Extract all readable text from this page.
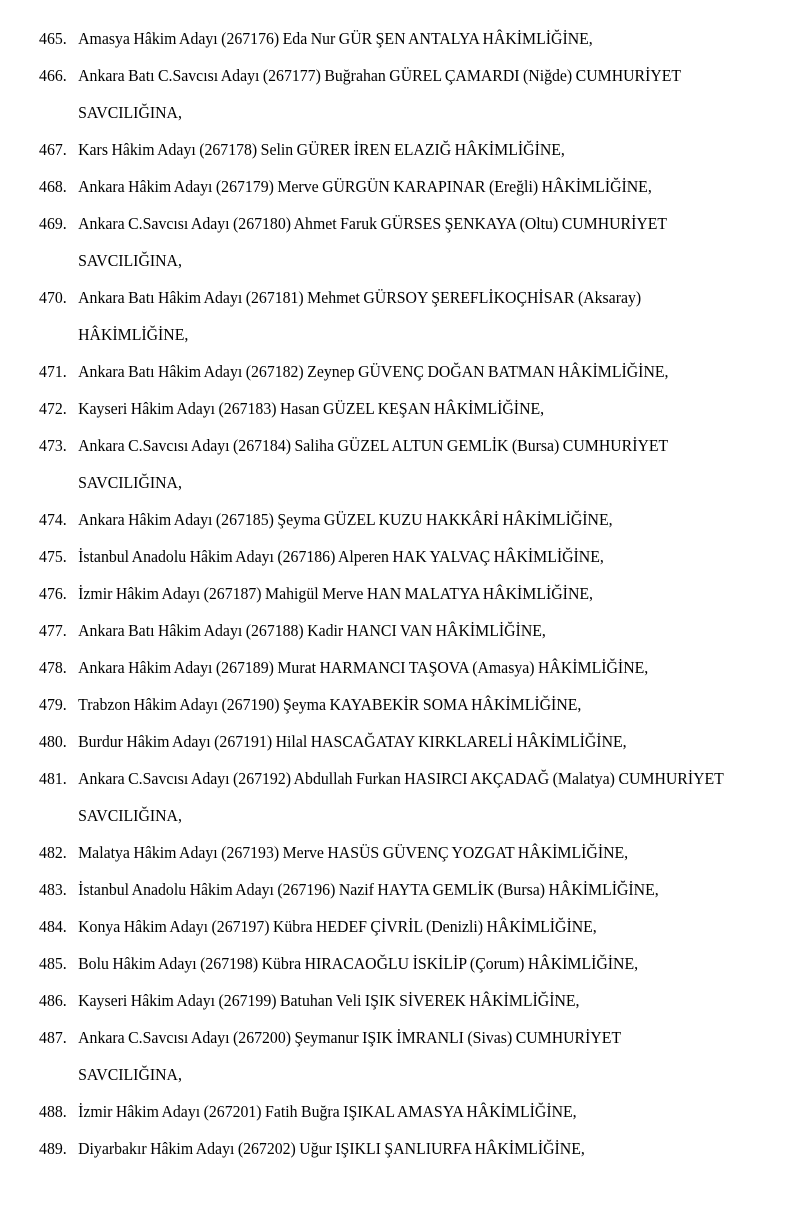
465. Amasya Hâkim Adayı (267176) Eda Nur GÜR ŞEN ANTALYA HÂKİMLİĞİNE,
466. Ankara Batı C.Savcısı Adayı (267177) Buğrahan GÜREL ÇAMARDI (Niğde) CUMHURİYET
SAVCILIĞINA,
467. Kars Hâkim Adayı (267178) Selin GÜRER İREN ELAZIĞ HÂKİMLİĞİNE,
468. Ankara Hâkim Adayı (267179) Merve GÜRGÜN KARAPINAR (Ereğli) HÂKİMLİĞİNE,
469. Ankara C.Savcısı Adayı (267180) Ahmet Faruk GÜRSES ŞENKAYA (Oltu) CUMHURİYET
SAVCILIĞINA,
470. Ankara Batı Hâkim Adayı (267181) Mehmet GÜRSOY ŞEREFLİKOÇHİSAR (Aksaray)
HÂKİMLİĞİNE,
471. Ankara Batı Hâkim Adayı (267182) Zeynep GÜVENÇ DOĞAN BATMAN HÂKİMLİĞİNE,
472. Kayseri Hâkim Adayı (267183) Hasan GÜZEL KEŞAN HÂKİMLİĞİNE,
473. Ankara C.Savcısı Adayı (267184) Saliha GÜZEL ALTUN GEMLİK (Bursa) CUMHURİYET
SAVCILIĞINA,
474. Ankara Hâkim Adayı (267185) Şeyma GÜZEL KUZU HAKKÂRİ HÂKİMLİĞİNE,
475. İstanbul Anadolu Hâkim Adayı (267186) Alperen HAK YALVAÇ HÂKİMLİĞİNE,
476. İzmir Hâkim Adayı (267187) Mahigül Merve HAN MALATYA HÂKİMLİĞİNE,
477. Ankara Batı Hâkim Adayı (267188) Kadir HANCI VAN HÂKİMLİĞİNE,
478. Ankara Hâkim Adayı (267189) Murat HARMANCI TAŞOVA (Amasya) HÂKİMLİĞİNE,
479. Trabzon Hâkim Adayı (267190) Şeyma KAYABEKİR SOMA HÂKİMLİĞİNE,
480. Burdur Hâkim Adayı (267191) Hilal HASCAĞATAY KIRKLARELİ HÂKİMLİĞİNE,
481. Ankara C.Savcısı Adayı (267192) Abdullah Furkan HASIRCI AKÇADAĞ (Malatya) CUMHURİYET
SAVCILIĞINA,
482. Malatya Hâkim Adayı (267193) Merve HASÜS GÜVENÇ YOZGAT HÂKİMLİĞİNE,
483. İstanbul Anadolu Hâkim Adayı (267196) Nazif HAYTA GEMLİK (Bursa) HÂKİMLİĞİNE,
484. Konya Hâkim Adayı (267197) Kübra HEDEF ÇİVRİL (Denizli) HÂKİMLİĞİNE,
485. Bolu Hâkim Adayı (267198) Kübra HIRACAOĞLU İSKİLİP (Çorum) HÂKİMLİĞİNE,
486. Kayseri Hâkim Adayı (267199) Batuhan Veli IŞIK SİVEREK HÂKİMLİĞİNE,
487. Ankara C.Savcısı Adayı (267200) Şeymanur IŞIK İMRANLI (Sivas) CUMHURİYET
SAVCILIĞINA,
488. İzmir Hâkim Adayı (267201) Fatih Buğra IŞIKAL AMASYA HÂKİMLİĞİNE,
489. Diyarbakır Hâkim Adayı (267202) Uğur IŞIKLI ŞANLIURFA HÂKİMLİĞİNE,
